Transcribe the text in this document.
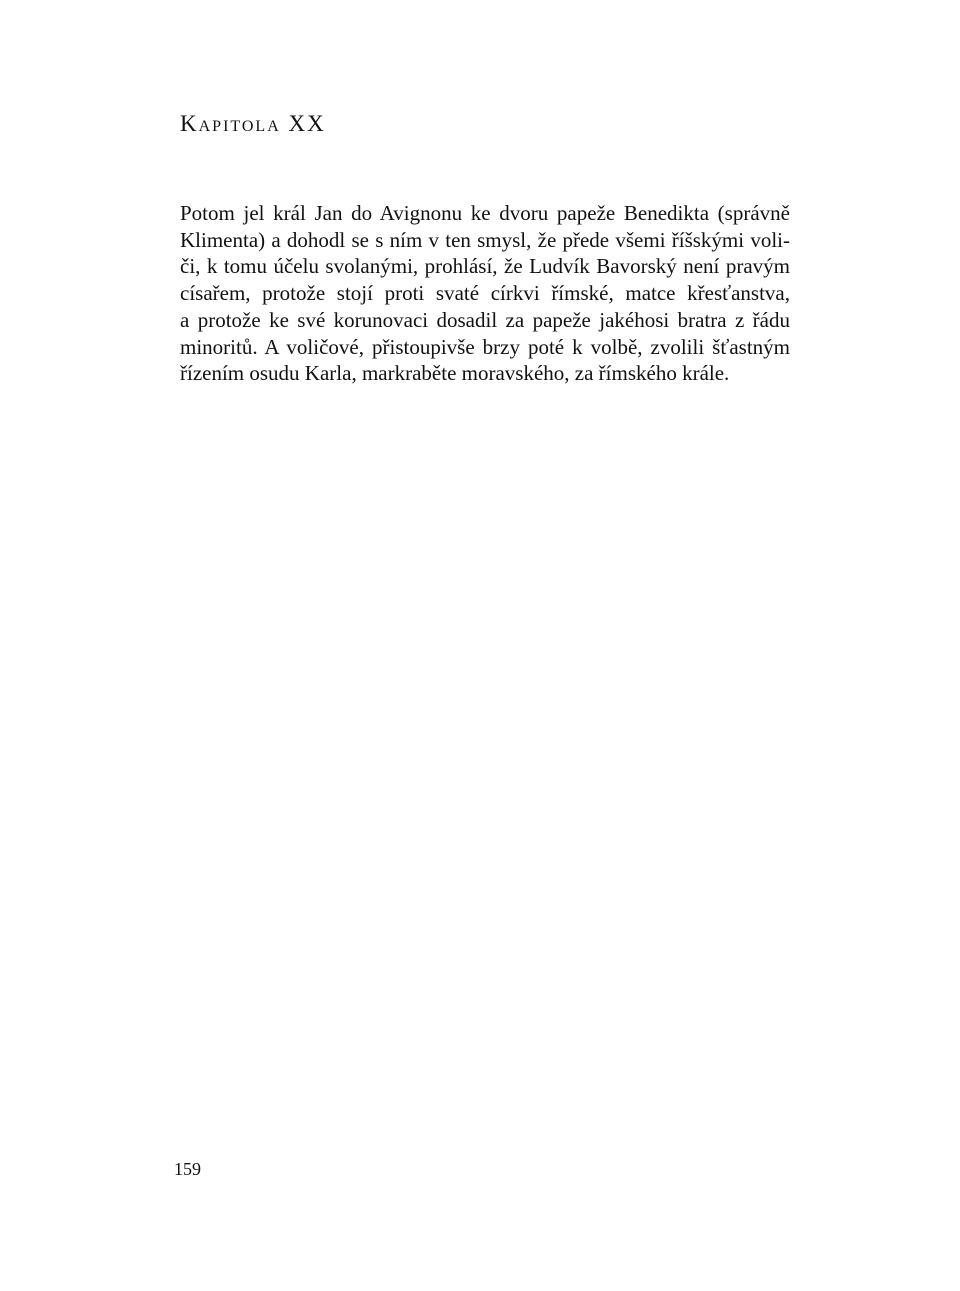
Kapitola XX
Potom jel král Jan do Avignonu ke dvoru papeže Benedikta (správně
Klimenta) a dohodl se s ním v ten smysl, že přede všemi říšskými voli-
či, k tomu účelu svolanými, prohlásí, že Ludvík Bavorský není pravým
císařem, protože stojí proti svaté církvi římské, matce křesťanstva,
a protože ke své korunovaci dosadil za papeže jakéhosi bratra z řádu
minoritů. A voličové, přistoupivše brzy poté k volbě, zvolili šťastným
řízením osudu Karla, markraběte moravského, za římského krále.
159
